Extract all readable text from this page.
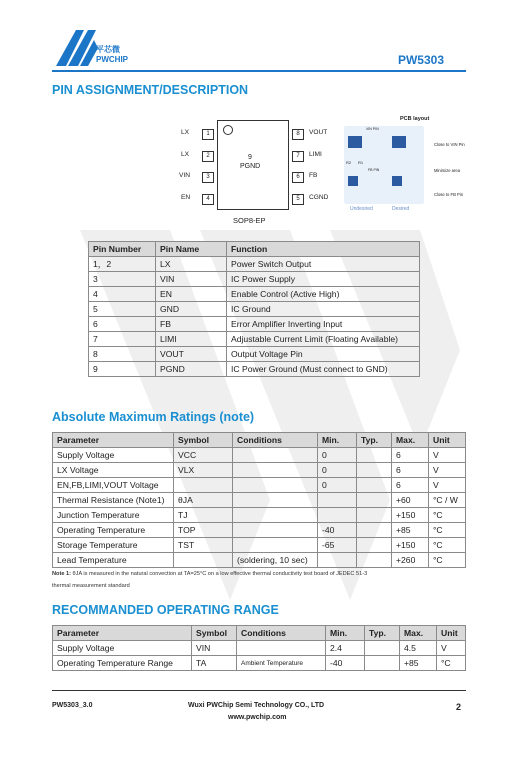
平芯微
PWCHIP	PW5303
PIN ASSIGNMENT/DESCRIPTION
9
PGND
LX	1
LX	2
VIN	3
EN	4
8	VOUT
7	LIMI
6	FB
5	CGND
SOP8-EP
PCB layout
R2 R1
VIN PIN
FB PIN
Close to VIN Pin
Minimize area
Close to FB Pin
Undesired	Desired
Pin Number	Pin Name	Function
1，2	LX	Power Switch Output
3	VIN	IC Power Supply
4	EN	Enable Control (Active High)
5	GND	IC Ground
6	FB	Error Amplifier Inverting Input
7	LIMI	Adjustable Current Limit (Floating Available)
8	VOUT	Output Voltage Pin
9	PGND	IC Power Ground (Must connect to GND)
Absolute Maximum Ratings (note)
Parameter	Symbol	Conditions	Min.	Typ.	Max.	Unit
Supply Voltage	VCC		0		6	V
LX Voltage	VLX		0		6	V
EN,FB,LIMI,VOUT Voltage			0		6	V
Thermal Resistance (Note1)	θJA				+60	°C / W
Junction Temperature	TJ				+150	°C
Operating Temperature	TOP		-40		+85	°C
Storage Temperature	TST		-65		+150	°C
Lead Temperature		(soldering, 10 sec)			+260	°C
Note 1: θJA is measured in the natural convection at TA=25°C on a low effective thermal conductivity test board of JEDEC 51-3
thermal measurement standard
RECOMMANDED OPERATING RANGE
Parameter	Symbol	Conditions	Min.	Typ.	Max.	Unit
Supply Voltage	VIN		2.4		4.5	V
Operating Temperature Range	TA	Ambient Temperature	-40		+85	°C
PW5303_3.0	Wuxi PWChip Semi Technology CO., LTD
www.pwchip.com
2
